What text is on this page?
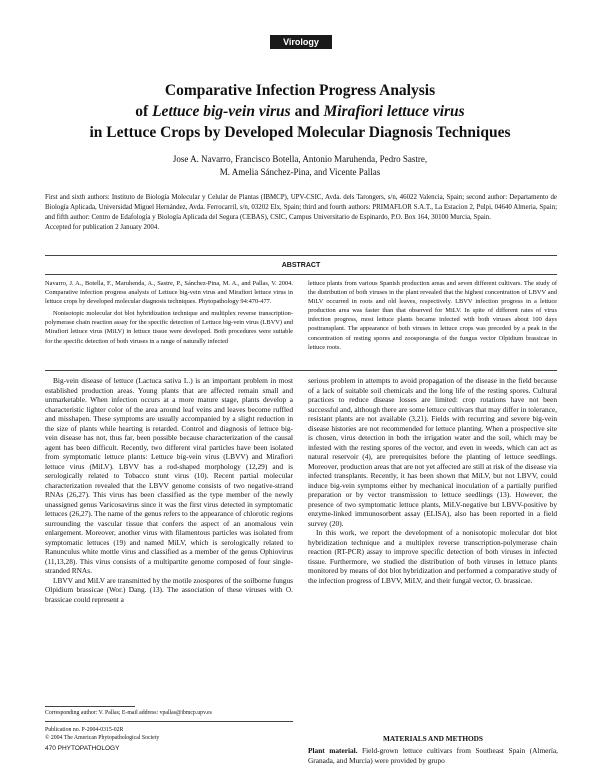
Virology
Comparative Infection Progress Analysis
of Lettuce big-vein virus and Mirafiori lettuce virus
in Lettuce Crops by Developed Molecular Diagnosis Techniques
Jose A. Navarro, Francisco Botella, Antonio Maruhenda, Pedro Sastre,
M. Amelia Sánchez-Pina, and Vicente Pallas
First and sixth authors: Instituto de Biología Molecular y Celular de Plantas (IBMCP), UPV-CSIC, Avda. dels Tarongers, s/n, 46022 Valencia, Spain; second author: Departamento de Biología Aplicada, Universidad Miguel Hernández, Avda. Ferrocarril, s/n, 03202 Elx, Spain; third and fourth authors: PRIMAFLOR S.A.T., La Estacion 2, Pulpi, 04640 Almeria, Spain; and fifth author: Centro de Edafología y Biología Aplicada del Segura (CEBAS), CSIC, Campus Universitario de Espinardo, P.O. Box 164, 30100 Murcia, Spain.
Accepted for publication 2 January 2004.
ABSTRACT

Navarro, J. A., Botella, F., Maruhenda, A., Sastre, P., Sánchez-Pina, M. A., and Pallas, V. 2004. Comparative infection progress analysis of Lettuce big-vein virus and Mirafiori lettuce virus in lettuce crops by developed molecular diagnosis techniques. Phytopathology 94:470-477.

Nonisotopic molecular dot blot hybridization technique and multiplex reverse transcription-polymerase chain reaction assay for the specific detection of Lettuce big-vein virus (LBVV) and Mirafiori lettuce virus (MiLV) in lettuce tissue were developed. Both procedures were suitable for the specific detection of both viruses in a range of naturally infected

lettuce plants from various Spanish production areas and seven different cultivars. The study of the distribution of both viruses in the plant revealed that the highest concentration of LBVV and MiLV occurred in roots and old leaves, respectively. LBVV infection progress in a lettuce production area was faster than that observed for MiLV. In spite of different rates of virus infection progress, most lettuce plants became infected with both viruses about 100 days posttransplant. The appearance of both viruses in lettuce crops was preceded by a peak in the concentration of resting spores and zoosporangia of the fungus vector Olpidium brassicae in lettuce roots.

Big-vein disease of lettuce (Lactuca sativa L.) is an important problem in most established production areas. Young plants that are affected remain small and unmarketable. When infection occurs at a more mature stage, plants develop a characteristic lighter color of the area around leaf veins and leaves become ruffled and misshapen. These symptoms are usually accompanied by a slight reduction in the size of plants while hearting is retarded. Control and diagnosis of lettuce big-vein disease has not, thus far, been possible because characterization of the causal agent has been difficult. Recently, two different viral particles have been isolated from symptomatic lettuce plants: Lettuce big-vein virus (LBVV) and Mirafiori lettuce virus (MiLV). LBVV has a rod-shaped morphology (12,29) and is serologically related to Tobacco stunt virus (10). Recent partial molecular characterization revealed that the LBVV genome consists of two negative-strand RNAs (26,27). This virus has been classified as the type member of the newly unassigned genus Varicosavirus since it was the first virus detected in symptomatic lettuces (26,27). The name of the genus refers to the appearance of chlorotic regions surrounding the vascular tissue that confers the aspect of an anomalous vein enlargement. Moreover, another virus with filamentous particles was isolated from symptomatic lettuces (19) and named MiLV, which is serologically related to Ranunculus white mottle virus and classified as a member of the genus Ophiovirus (11,13,28). This virus consists of a multipartite genome composed of four single-stranded RNAs.

LBVV and MiLV are transmitted by the motile zoospores of the soilborne fungus Olpidium brassicae (Wor.) Dang. (13). The association of these viruses with O. brassicae could represent a

Corresponding author: V. Pallas; E-mail address: vpallas@ibmcp.upv.es
Publication no. P-2004-0315-02R
© 2004 The American Phytopathological Society

serious problem in attempts to avoid propagation of the disease in the field because of a lack of suitable soil chemicals and the long life of the resting spores. Cultural practices to reduce disease losses are limited: crop rotations have not been successful and, although there are some lettuce cultivars that may differ in tolerance, resistant plants are not available (3,21). Fields with recurring and severe big-vein disease histories are not recommended for lettuce planting. When a prospective site is chosen, virus detection in both the irrigation water and the soil, which may be infested with the resting spores of the vector, and even in weeds, which can act as natural reservoir (4), are prerequisites before the planting of lettuce seedlings. Moreover, production areas that are not yet affected are still at risk of the disease via infected transplants. Recently, it has been shown that MiLV, but not LBVV, could induce big-vein symptoms either by mechanical inoculation of a partially purified preparation or by vector transmission to lettuce seedlings (13). However, the presence of two symptomatic lettuce plants, MiLV-negative but LBVV-positive by enzyme-linked immunosorbent assay (ELISA), also has been reported in a field survey (20).

In this work, we report the development of a nonisotopic molecular dot blot hybridization technique and a multiplex reverse transcription-polymerase chain reaction (RT-PCR) assay to improve specific detection of both viruses in infected tissue. Furthermore, we studied the distribution of both viruses in lettuce plants monitored by means of dot blot hybridization and performed a comparative study of the infection progress of LBVV, MiLV, and their fungal vector, O. brassicae.

MATERIALS AND METHODS
Plant material. Field-grown lettuce cultivars from Southeast Spain (Almería, Granada, and Murcia) were provided by grupo
470 PHYTOPATHOLOGY
